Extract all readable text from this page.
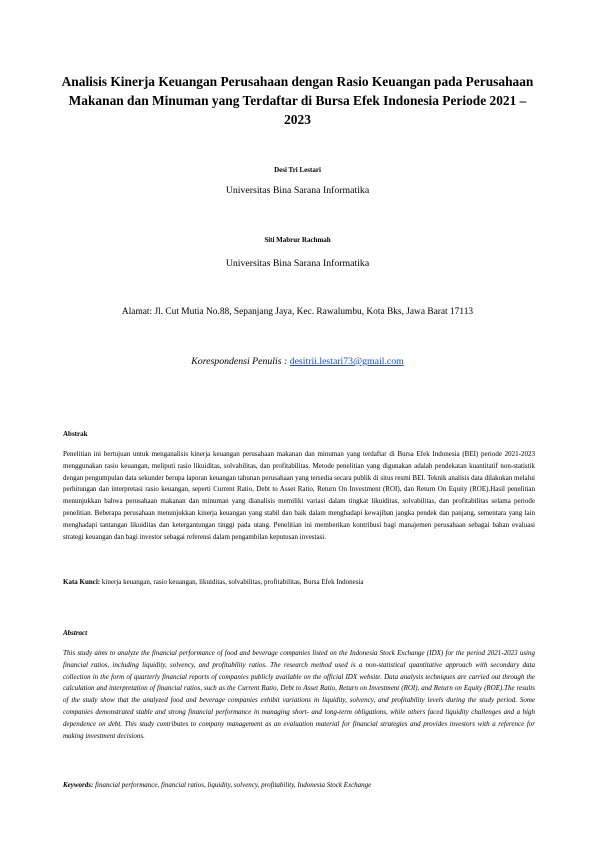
Analisis Kinerja Keuangan Perusahaan dengan Rasio Keuangan pada Perusahaan Makanan dan Minuman yang Terdaftar di Bursa Efek Indonesia Periode 2021 – 2023
Desi Tri Lestari
Universitas Bina Sarana Informatika
Siti Mabrur Rachmah
Universitas Bina Sarana Informatika
Alamat: Jl. Cut Mutia No.88, Sepanjang Jaya, Kec. Rawalumbu, Kota Bks, Jawa Barat 17113
Korespondensi Penulis : desitrii.lestari73@gmail.com
Abstrak
Penelitian ini bertujuan untuk menganalisis kinerja keuangan perusahaan makanan dan minuman yang terdaftar di Bursa Efek Indonesia (BEI) periode 2021-2023 menggunakan rasio keuangan, meliputi rasio likuiditas, solvabilitas, dan profitabilitas. Metode penelitian yang digunakan adalah pendekatan kuantitatif non-statistik dengan pengumpulan data sekunder berupa laporan keuangan tahunan perusahaan yang tersedia secara publik di situs resmi BEI. Teknik analisis data dilakukan melalui perhitungan dan interpretasi rasio keuangan, seperti Current Ratio, Debt to Asset Ratio, Return On Investment (ROI), dan Return On Equity (ROE).Hasil penelitian menunjukkan bahwa perusahaan makanan dan minuman yang dianalisis memiliki variasi dalam tingkat likuiditas, solvabilitas, dan profitabilitas selama periode penelitian. Beberapa perusahaan menunjukkan kinerja keuangan yang stabil dan baik dalam menghadapi kewajiban jangka pendek dan panjang, sementara yang lain menghadapi tantangan likuiditas dan ketergantungan tinggi pada utang. Penelitian ini memberikan kontribusi bagi manajemen perusahaan sebagai bahan evaluasi strategi keuangan dan bagi investor sebagai referensi dalam pengambilan keputusan investasi.
Kata Kunci: kinerja keuangan, rasio keuangan, likuiditas, solvabilitas, profitabilitas, Bursa Efek Indonesia
Abstract
This study aims to analyze the financial performance of food and beverage companies listed on the Indonesia Stock Exchange (IDX) for the period 2021-2023 using financial ratios, including liquidity, solvency, and profitability ratios. The research method used is a non-statistical quantitative approach with secondary data collection in the form of quarterly financial reports of companies publicly available on the official IDX website. Data analysis techniques are carried out through the calculation and interpretation of financial ratios, such as the Current Ratio, Debt to Asset Ratio, Return on Investment (ROI), and Return on Equity (ROE).The results of the study show that the analyzed food and beverage companies exhibit variations in liquidity, solvency, and profitability levels during the study period. Some companies demonstrated stable and strong financial performance in managing short- and long-term obligations, while others faced liquidity challenges and a high dependence on debt. This study contributes to company management as an evaluation material for financial strategies and provides investors with a reference for making investment decisions.
Keywords: financial performance, financial ratios, liquidity, solvency, profitability, Indonesia Stock Exchange
